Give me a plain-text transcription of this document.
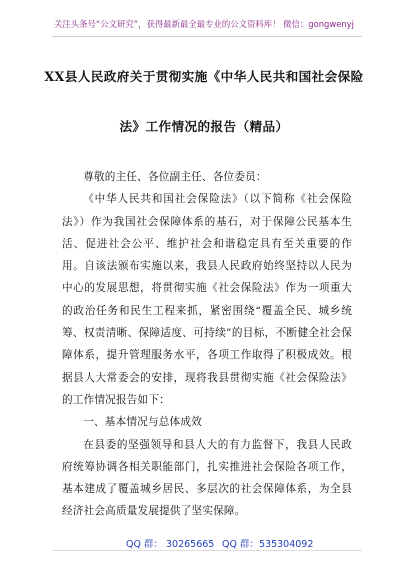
关注头条号“公文研究”，获得最新最全最专业的公文资料库！ 微信：gongwenyj
XX县人民政府关于贯彻实施《中华人民共和国社会保险
法》工作情况的报告（精品）

尊敬的主任、各位副主任、各位委员：

《中华人民共和国社会保险法》（以下简称《社会保险法》）作为我国社会保障体系的基石，对于保障公民基本生活、促进社会公平、维护社会和谐稳定具有至关重要的作用。自该法颁布实施以来，我县人民政府始终坚持以人民为中心的发展思想，将贯彻实施《社会保险法》作为一项重大的政治任务和民生工程来抓，紧密围绕“覆盖全民、城乡统筹、权责清晰、保障适度、可持续”的目标，不断健全社会保障体系，提升管理服务水平，各项工作取得了积极成效。根据县人大常委会的安排，现将我县贯彻实施《社会保险法》的工作情况报告如下：

一、基本情况与总体成效

在县委的坚强领导和县人大的有力监督下，我县人民政府统筹协调各相关职能部门，扎实推进社会保险各项工作，基本建成了覆盖城乡居民、多层次的社会保障体系，为全县经济社会高质量发展提供了坚实保障。

QQ 群： 30265665 QQ 群：535304092
